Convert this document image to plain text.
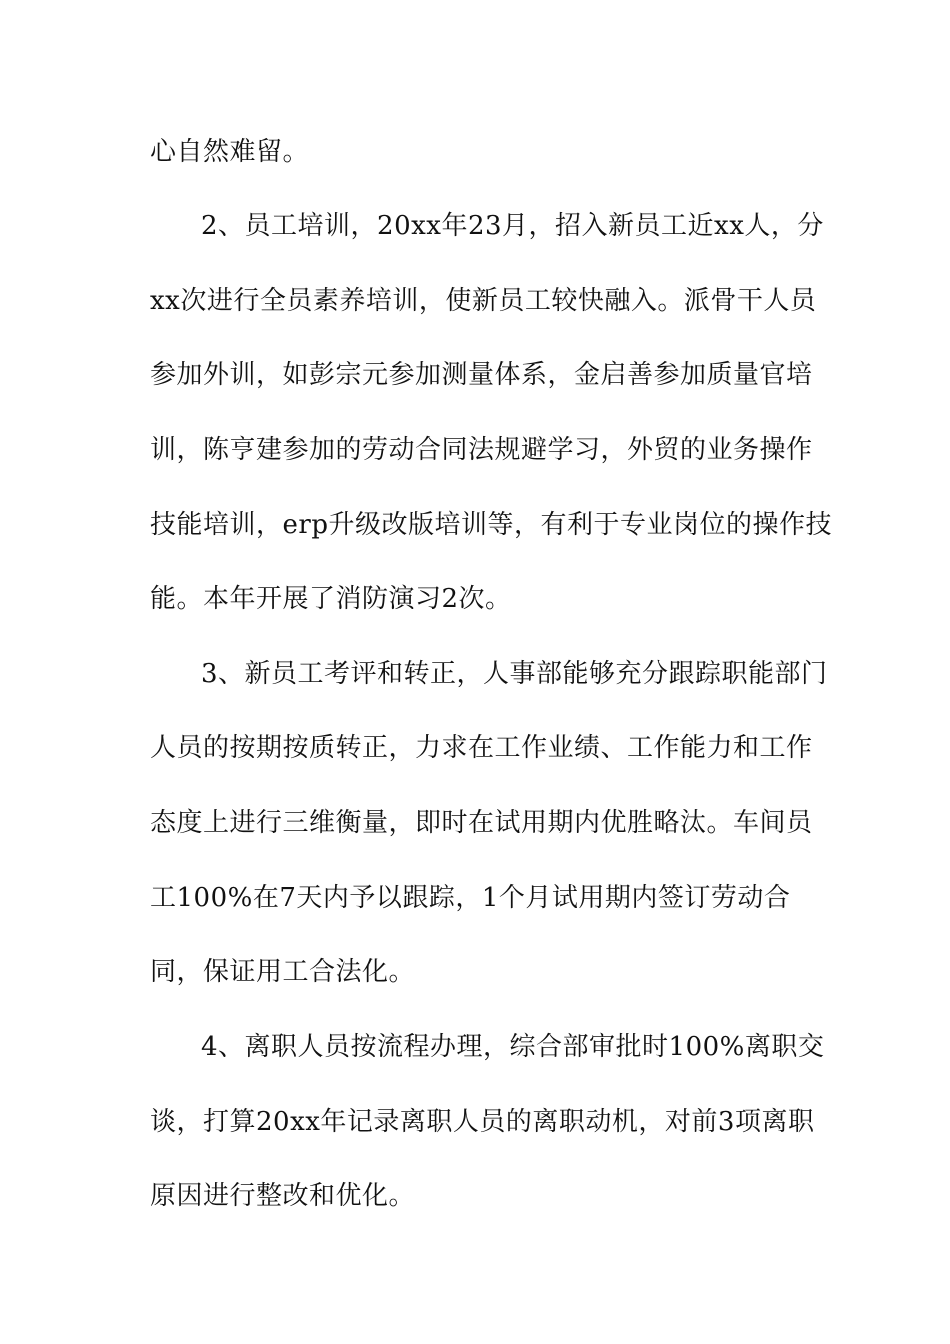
心自然难留。
2、员工培训，20xx年23月，招入新员工近xx人，分
xx次进行全员素养培训，使新员工较快融入。派骨干人员
参加外训，如彭宗元参加测量体系，金启善参加质量官培
训，陈亨建参加的劳动合同法规避学习，外贸的业务操作
技能培训，erp升级改版培训等，有利于专业岗位的操作技
能。本年开展了消防演习2次。
3、新员工考评和转正，人事部能够充分跟踪职能部门
人员的按期按质转正，力求在工作业绩、工作能力和工作
态度上进行三维衡量，即时在试用期内优胜略汰。车间员
工100%在7天内予以跟踪，1个月试用期内签订劳动合
同，保证用工合法化。
4、离职人员按流程办理，综合部审批时100%离职交
谈，打算20xx年记录离职人员的离职动机，对前3项离职
原因进行整改和优化。
